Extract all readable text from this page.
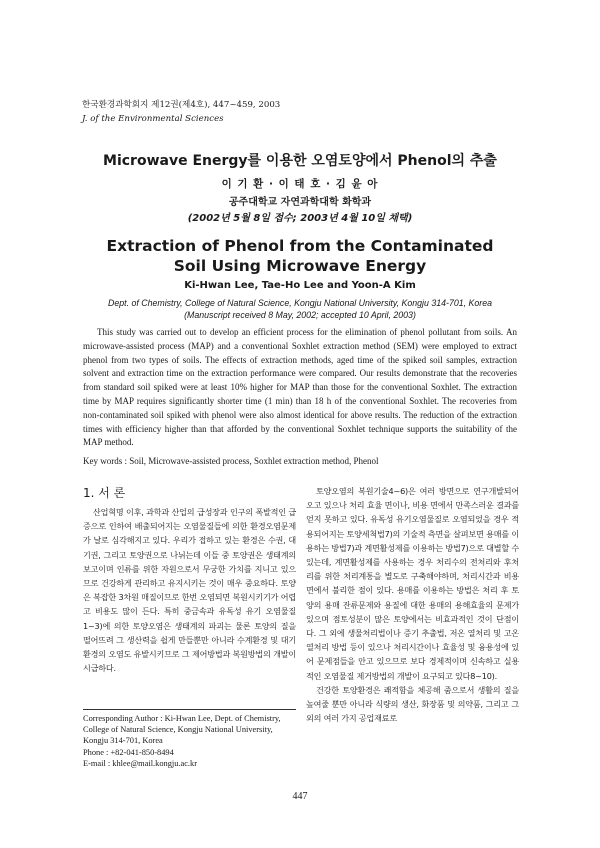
한국환경과학회지 제12권(제4호), 447~459, 2003
J. of the Environmental Sciences
Microwave Energy를 이용한 오염토양에서 Phenol의 추출
이 기 환 · 이 태 호 · 김 윤 아
공주대학교 자연과학대학 화학과
(2002년 5월 8일 접수; 2003년 4월 10일 채택)
Extraction of Phenol from the Contaminated Soil Using Microwave Energy
Ki-Hwan Lee, Tae-Ho Lee and Yoon-A Kim
Dept. of Chemistry, College of Natural Science, Kongju National University, Kongju 314-701, Korea
(Manuscript received 8 May, 2002; accepted 10 April, 2003)
This study was carried out to develop an efficient process for the elimination of phenol pollutant from soils. An microwave-assisted process (MAP) and a conventional Soxhlet extraction method (SEM) were employed to extract phenol from two types of soils. The effects of extraction methods, aged time of the spiked soil samples, extraction solvent and extraction time on the extraction performance were compared. Our results demonstrate that the recoveries from standard soil spiked were at least 10% higher for MAP than those for the conventional Soxhlet. The extraction time by MAP requires significantly shorter time (1 min) than 18 h of the conventional Soxhlet. The recoveries from non-contaminated soil spiked with phenol were also almost identical for above results. The reduction of the extraction times with efficiency higher than that afforded by the conventional Soxhlet technique supports the suitability of the MAP method.
Key words : Soil, Microwave-assisted process, Soxhlet extraction method, Phenol
1. 서 론

산업혁명 이후, 과학과 산업의 급성장과 인구의 폭발적인 급증으로 인하여 배출되어지는 오염물질들에 의한 환경오염문제가 날로 심각해지고 있다. 우리가 접하고 있는 환경은 수권, 대기권, 그리고 토양권으로 나뉘는데 이들 중 토양권은 생태계의 보고이며 인류를 위한 자원으로서 무궁한 가치를 지니고 있으므로 건강하게 관리하고 유지시키는 것이 매우 중요하다. 토양은 복잡한 3차원 매질이므로 한번 오염되면 복원시키기가 어렵고 비용도 많이 든다. 특히 중금속과 유독성 유기 오염물질1~3)에 의한 토양오염은 생태계의 파괴는 물론 토양의 질을 떨어뜨려 그 생산력을 쉽게 만들뿐만 아니라 수계환경 및 대기환경의 오염도 유발시키므로 그 제어방법과 복원방법의 개발이 시급하다.

토양오염의 복원기술4~6)은 여러 방면으로 연구개발되어 오고 있으나 처리 효율 면이나, 비용 면에서 만족스러운 결과를 얻지 못하고 있다. 유독성 유기오염물질로 오염되었을 경우 적용되어지는 토양세척법7)의 기술적 측면을 살펴보면 용매를 이용하는 방법7)과 계면활성제를 이용하는 방법7)으로 대별할 수 있는데, 계면활성제를 사용하는 경우 처리수의 전처리와 후처리를 위한 처리계통을 별도로 구축해야하며, 처리시간과 비용 면에서 불리한 점이 있다. 용매를 이용하는 방법은 처리 후 토양의 용매 잔류문제와 용질에 대한 용매의 용해효율의 문제가 있으며 점토성분이 많은 토양에서는 비효과적인 것이 단점이다. 그 외에 생물처리법이나 증기 추출법, 저온 열처리 및 고온 열처리 방법 등이 있으나 처리시간이나 효율성 및 융용성에 있어 문제점들을 안고 있으므로 보다 경제적이며 신속하고 실용적인 오염물질 제거방법의 개발이 요구되고 있다8~10).

건강한 토양환경은 쾌적함을 체공해 줌으로서 생활의 질을 높여줄 뿐만 아니라 식량의 생산, 화장품 및 의약품, 그리고 그 외의 여러 가지 공업재료로

Corresponding Author : Ki-Hwan Lee, Dept. of Chemistry,
College of Natural Science, Kongju National University,
Kongju 314-701, Korea
Phone : +82-041-850-8494
E-mail : khlee@mail.kongju.ac.kr
447
